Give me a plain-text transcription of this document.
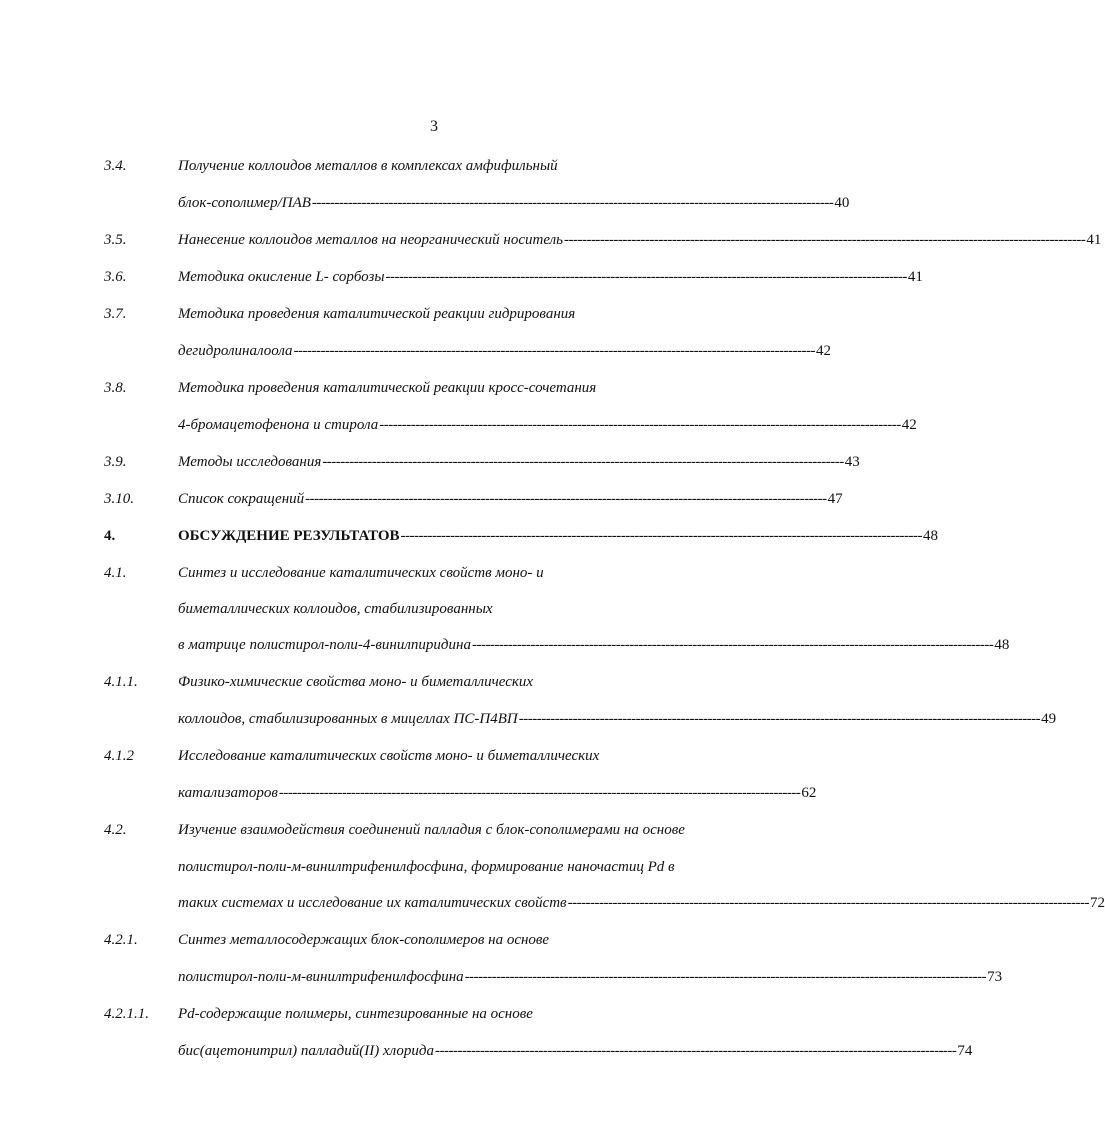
3
3.4.	Получение коллоидов металлов в комплексах амфифильный
блок-сополимер/ПАВ -------------------------------------------------------------------------------------------------------------------- 40
3.5.	Нанесение коллоидов металлов на неорганический носитель -------------------------------------------------------------------------------------------------------------------- 41
3.6.	Методика окисление L- сорбозы -------------------------------------------------------------------------------------------------------------------- 41
3.7.	Методика проведения каталитической реакции гидрирования
дегидролиналоола -------------------------------------------------------------------------------------------------------------------- 42
3.8.	Методика проведения каталитической реакции кросс-сочетания
4-бромацетофенона и стирола -------------------------------------------------------------------------------------------------------------------- 42
3.9.	Методы исследования -------------------------------------------------------------------------------------------------------------------- 43
3.10.	Список сокращений -------------------------------------------------------------------------------------------------------------------- 47
4.	ОБСУЖДЕНИЕ РЕЗУЛЬТАТОВ -------------------------------------------------------------------------------------------------------------------- 48
4.1.	Синтез и исследование каталитических свойств моно- и
биметаллических коллоидов, стабилизированных
в матрице полистирол-поли-4-винилпиридина -------------------------------------------------------------------------------------------------------------------- 48
4.1.1.	Физико-химические свойства моно- и биметаллических
коллоидов, стабилизированных в мицеллах ПС-П4ВП -------------------------------------------------------------------------------------------------------------------- 49
4.1.2	Исследование каталитических свойств моно- и биметаллических
катализаторов -------------------------------------------------------------------------------------------------------------------- 62
4.2.	Изучение взаимодействия соединений палладия с блок-сополимерами на основе
полистирол-поли-м-винилтрифенилфосфина, формирование наночастиц Pd в
таких системах и исследование их каталитических свойств -------------------------------------------------------------------------------------------------------------------- 72
4.2.1.	Синтез металлосодержащих блок-сополимеров на основе
полистирол-поли-м-винилтрифенилфосфина -------------------------------------------------------------------------------------------------------------------- 73
4.2.1.1. Pd-содержащие полимеры, синтезированные на основе
бис(ацетонитрил) палладий(II) хлорида -------------------------------------------------------------------------------------------------------------------- 74
